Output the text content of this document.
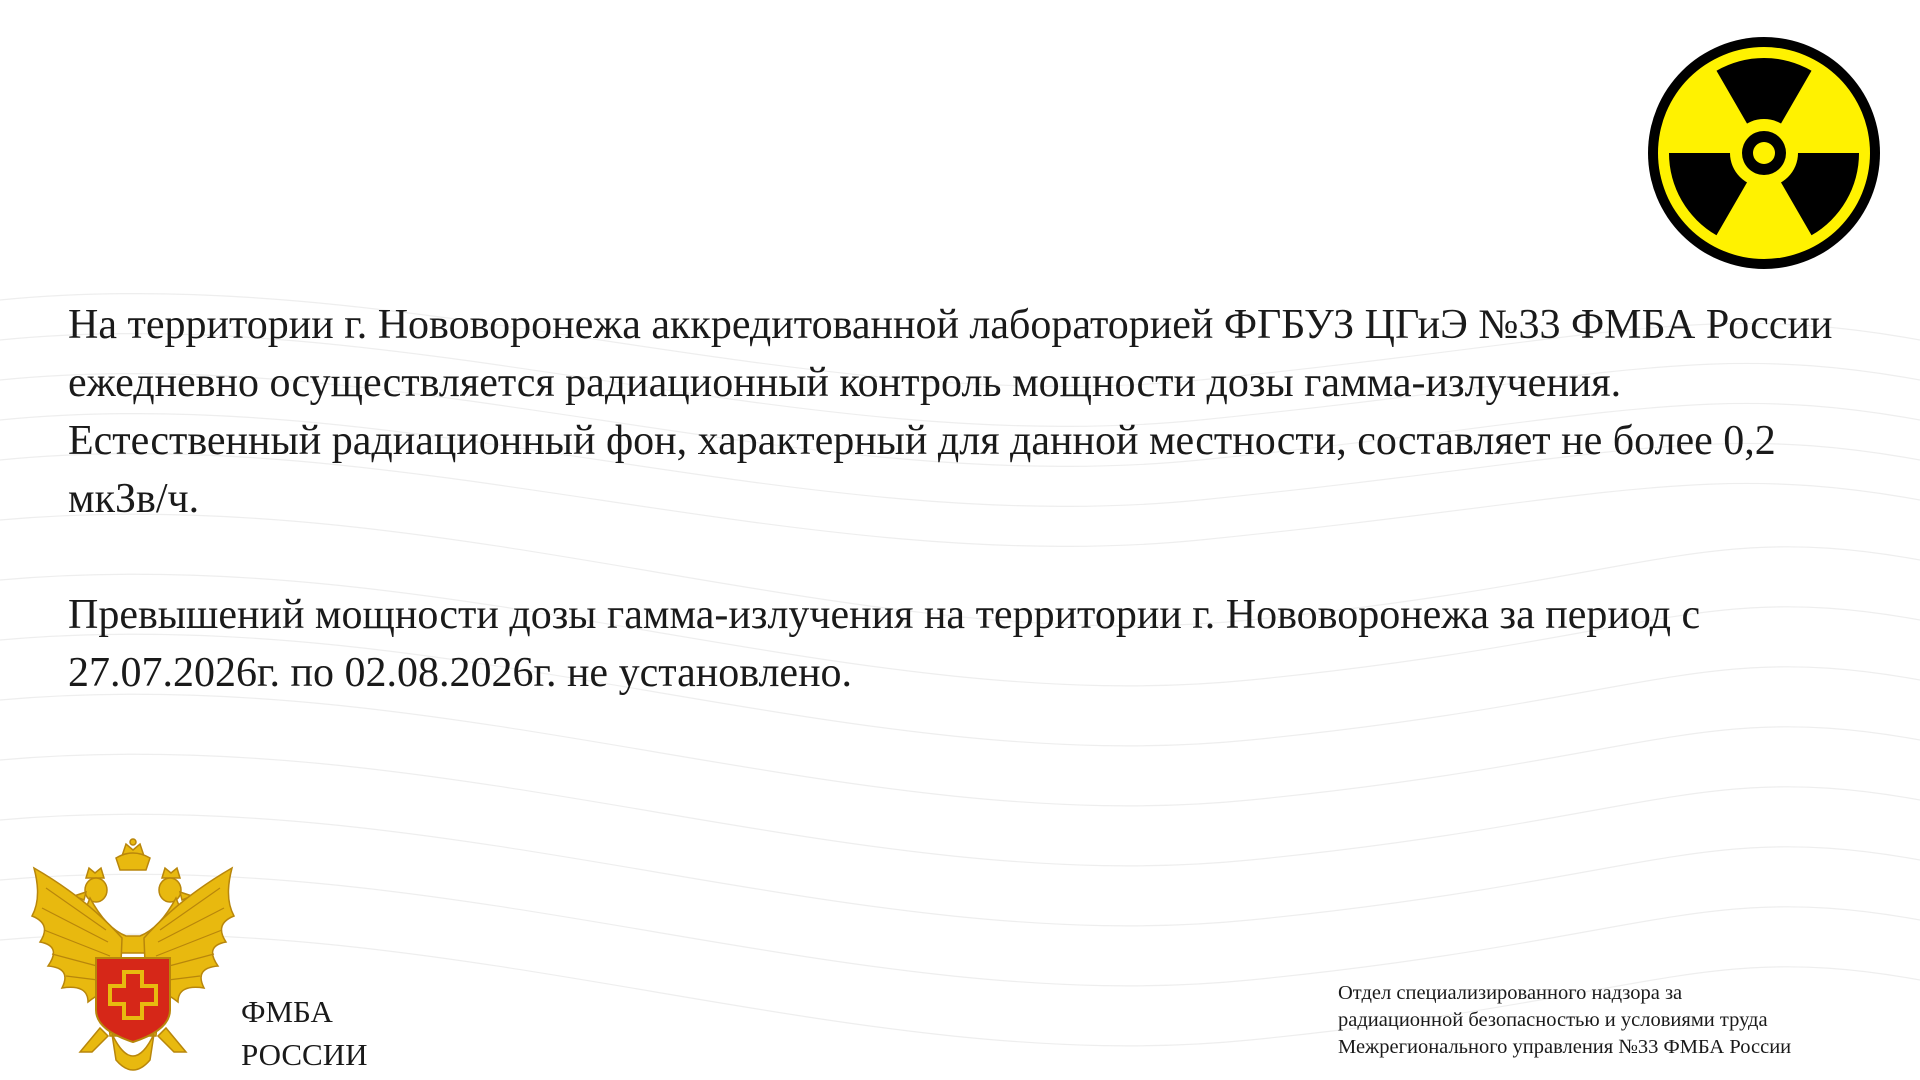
На территории г. Нововоронежа аккредитованной лабораторией ФГБУЗ ЦГиЭ №33 ФМБА России ежедневно осуществляется радиационный контроль мощности дозы гамма-излучения.

Естественный радиационный фон, характерный для данной местности, составляет не более 0,2 мкЗв/ч.

Превышений мощности дозы гамма-излучения на территории г. Нововоронежа за период с 27.07.2026г. по 02.08.2026г. не установлено.

ФМБА
РОССИИ
Отдел специализированного надзора за
радиационной безопасностью и условиями труда
Межрегионального управления №33 ФМБА России
